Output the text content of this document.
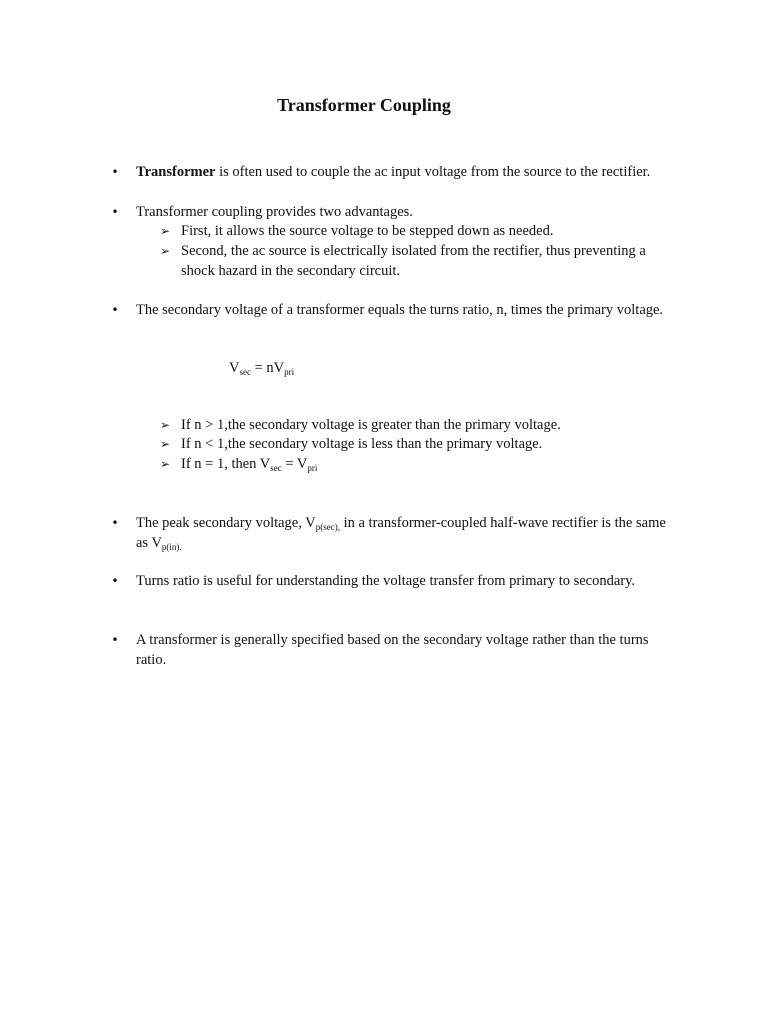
Transformer Coupling
• Transformer is often used to couple the ac input voltage from the source to the rectifier.
• Transformer coupling provides two advantages.
➢ First, it allows the source voltage to be stepped down as needed.
➢ Second, the ac source is electrically isolated from the rectifier, thus preventing a shock hazard in the secondary circuit.
• The secondary voltage of a transformer equals the turns ratio, n, times the primary voltage.
$V_{sec} = nV_{pri}$
➢ If n > 1,the secondary voltage is greater than the primary voltage.
➢ If n < 1,the secondary voltage is less than the primary voltage.
➢ If n = 1, then $V_{sec} = V_{pri}$
• The peak secondary voltage, $V_{p(sec),}$ in a transformer-coupled half-wave rectifier is the same as $V_{p(in).}$
• Turns ratio is useful for understanding the voltage transfer from primary to secondary.
• A transformer is generally specified based on the secondary voltage rather than the turns ratio.
